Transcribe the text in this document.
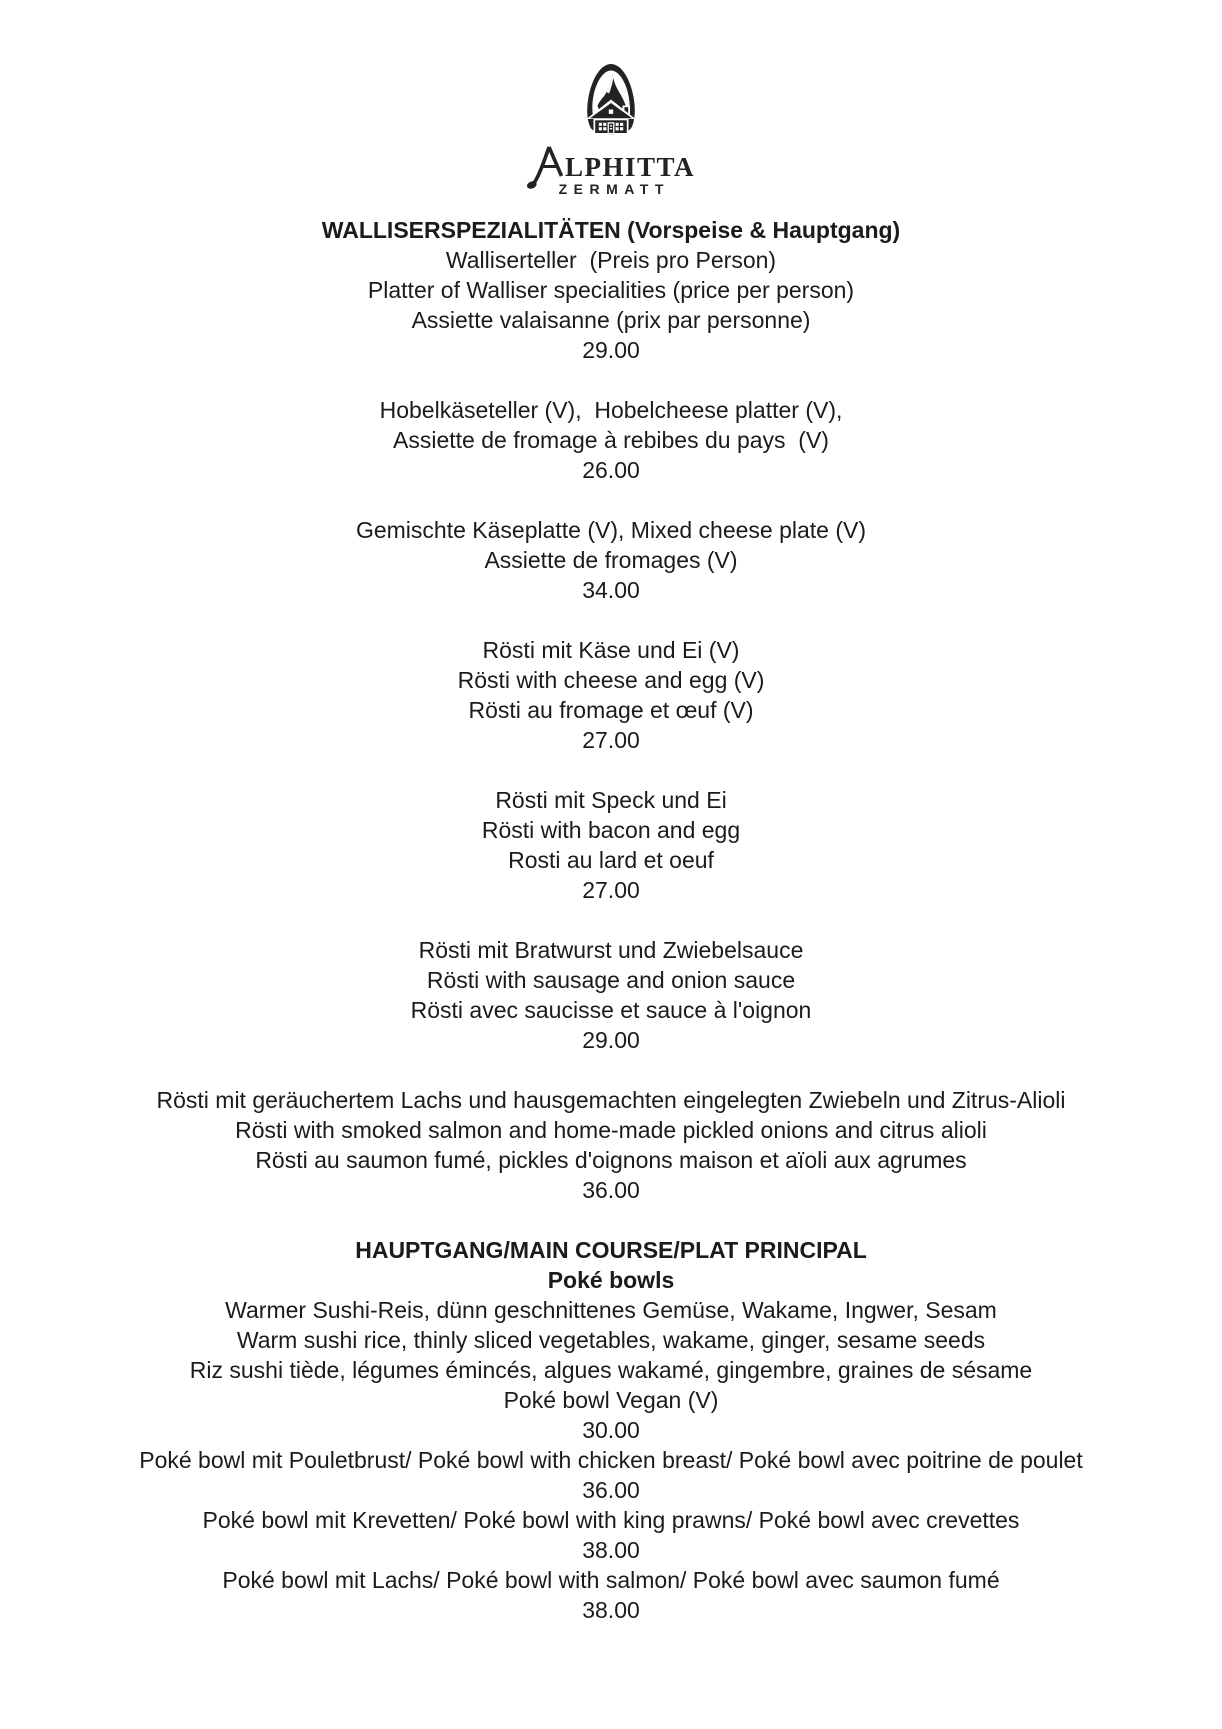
LPHITTA
ZERMATT
WALLISERSPEZIALITÄTEN (Vorspeise & Hauptgang)

Walliserteller  (Preis pro Person)

Platter of Walliser specialities (price per person)

Assiette valaisanne (prix par personne)

29.00

Hobelkäseteller (V),  Hobelcheese platter (V),

Assiette de fromage à rebibes du pays  (V)

26.00

Gemischte Käseplatte (V), Mixed cheese plate (V)

Assiette de fromages (V)

34.00

Rösti mit Käse und Ei (V)

Rösti with cheese and egg (V)

Rösti au fromage et œuf (V)

27.00

Rösti mit Speck und Ei

Rösti with bacon and egg

Rosti au lard et oeuf

27.00

Rösti mit Bratwurst und Zwiebelsauce

Rösti with sausage and onion sauce

Rösti avec saucisse et sauce à l'oignon

29.00

Rösti mit geräuchertem Lachs und hausgemachten eingelegten Zwiebeln und Zitrus-Alioli

Rösti with smoked salmon and home-made pickled onions and citrus alioli

Rösti au saumon fumé, pickles d'oignons maison et aïoli aux agrumes

36.00

HAUPTGANG/MAIN COURSE/PLAT PRINCIPAL
Poké bowls

Warmer Sushi-Reis, dünn geschnittenes Gemüse, Wakame, Ingwer, Sesam

Warm sushi rice, thinly sliced vegetables, wakame, ginger, sesame seeds

Riz sushi tiède, légumes émincés, algues wakamé, gingembre, graines de sésame

Poké bowl Vegan (V)

30.00

Poké bowl mit Pouletbrust/ Poké bowl with chicken breast/ Poké bowl avec poitrine de poulet

36.00

Poké bowl mit Krevetten/ Poké bowl with king prawns/ Poké bowl avec crevettes

38.00

Poké bowl mit Lachs/ Poké bowl with salmon/ Poké bowl avec saumon fumé

38.00
